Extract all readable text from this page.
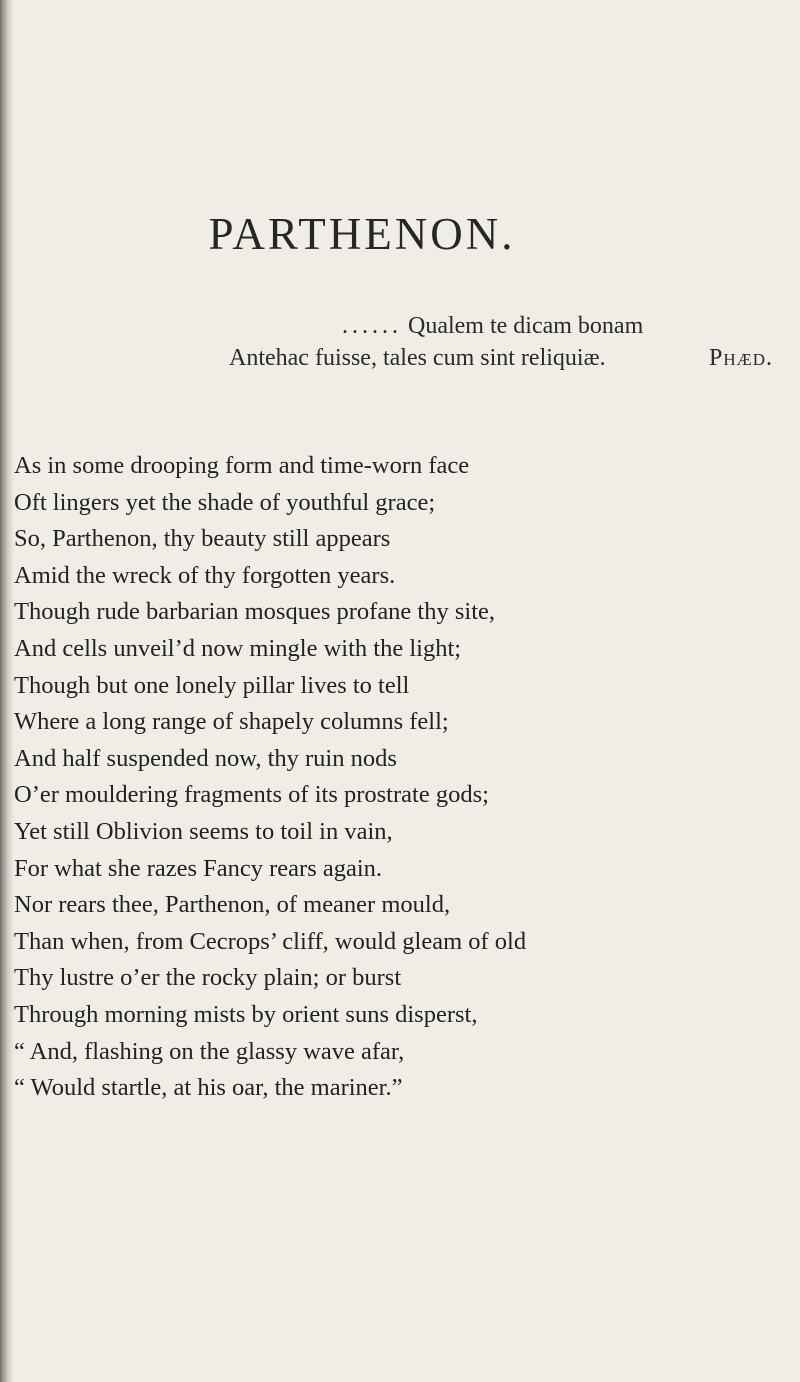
PARTHENON.
...... Qualem te dicam bonam
Antehac fuisse, tales cum sint reliquiæ.	Phæd.
As in some drooping form and time-worn face
Oft lingers yet the shade of youthful grace;
So, Parthenon, thy beauty still appears
Amid the wreck of thy forgotten years.
Though rude barbarian mosques profane thy site,
And cells unveil’d now mingle with the light;
Though but one lonely pillar lives to tell
Where a long range of shapely columns fell;
And half suspended now, thy ruin nods
O’er mouldering fragments of its prostrate gods;
Yet still Oblivion seems to toil in vain,
For what she razes Fancy rears again.
Nor rears thee, Parthenon, of meaner mould,
Than when, from Cecrops’ cliff, would gleam of old
Thy lustre o’er the rocky plain; or burst
Through morning mists by orient suns disperst,
“ And, flashing on the glassy wave afar,
“ Would startle, at his oar, the mariner.”
